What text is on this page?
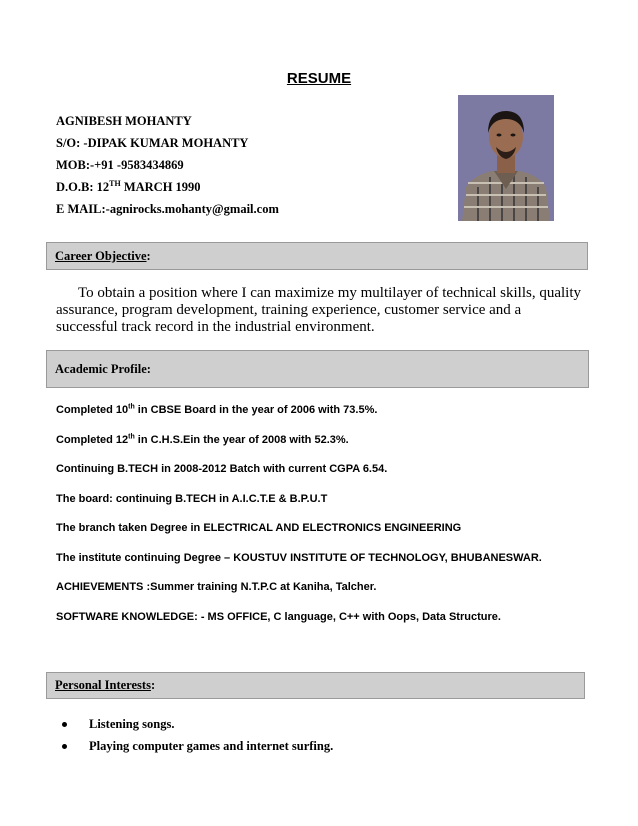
RESUME
AGNIBESH MOHANTY
S/O: -DIPAK KUMAR MOHANTY
MOB:-+91 -9583434869
D.O.B: 12TH MARCH 1990
E MAIL:-agnirocks.mohanty@gmail.com
Career Objective :
To obtain a position where I can maximize my multilayer of technical skills, quality assurance, program development, training experience, customer service and a successful track record in the industrial environment.
Academic Profile:
Completed 10th in CBSE Board in the year of 2006 with 73.5%.
Completed 12th in C.H.S.Ein the year of 2008 with 52.3%.
Continuing B.TECH in 2008-2012 Batch with current CGPA 6.54.
The board: continuing B.TECH in A.I.C.T.E & B.P.U.T
The branch taken Degree in ELECTRICAL AND ELECTRONICS ENGINEERING
The institute continuing Degree – KOUSTUV INSTITUTE OF TECHNOLOGY, BHUBANESWAR.
ACHIEVEMENTS :Summer training N.T.P.C at Kaniha, Talcher.
SOFTWARE KNOWLEDGE: - MS OFFICE, C language, C++ with Oops, Data Structure.
Personal Interests :
Listening songs.
Playing computer games and internet surfing.
